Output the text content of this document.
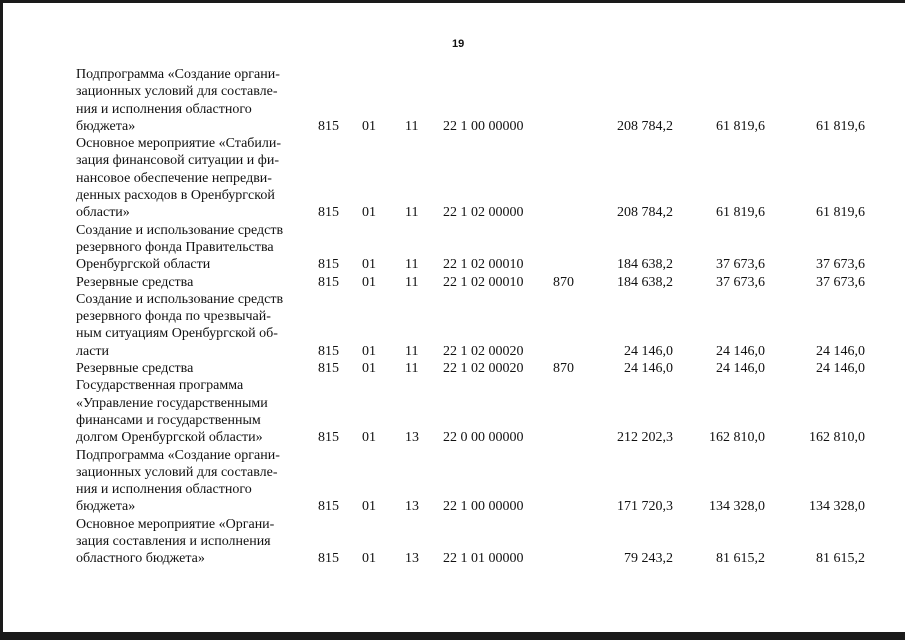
19
Подпрограмма «Создание органи-
зационных условий для составле-
ния и исполнения областного
бюджета»	815 01 11 22 1 00 00000	208 784,2	61 819,6	61 819,6
Основное мероприятие «Стабили-
зация финансовой ситуации и фи-
нансовое обеспечение непредви-
денных расходов в Оренбургской
области»	815 01 11 22 1 02 00000	208 784,2	61 819,6	61 819,6
Создание и использование средств
резервного фонда Правительства
Оренбургской области	815 01 11 22 1 02 00010	184 638,2	37 673,6	37 673,6
Резервные средства	815 01 11 22 1 02 00010 870	184 638,2	37 673,6	37 673,6
Создание и использование средств
резервного фонда по чрезвычай-
ным ситуациям Оренбургской об-
ласти	815 01 11 22 1 02 00020	24 146,0	24 146,0	24 146,0
Резервные средства	815 01 11 22 1 02 00020 870	24 146,0	24 146,0	24 146,0
Государственная программа
«Управление государственными
финансами и государственным
долгом Оренбургской области»	815 01 13 22 0 00 00000	212 202,3	162 810,0	162 810,0
Подпрограмма «Создание органи-
зационных условий для составле-
ния и исполнения областного
бюджета»	815 01 13 22 1 00 00000	171 720,3	134 328,0	134 328,0
Основное мероприятие «Органи-
зация составления и исполнения
областного бюджета»	815 01 13 22 1 01 00000	79 243,2	81 615,2	81 615,2
